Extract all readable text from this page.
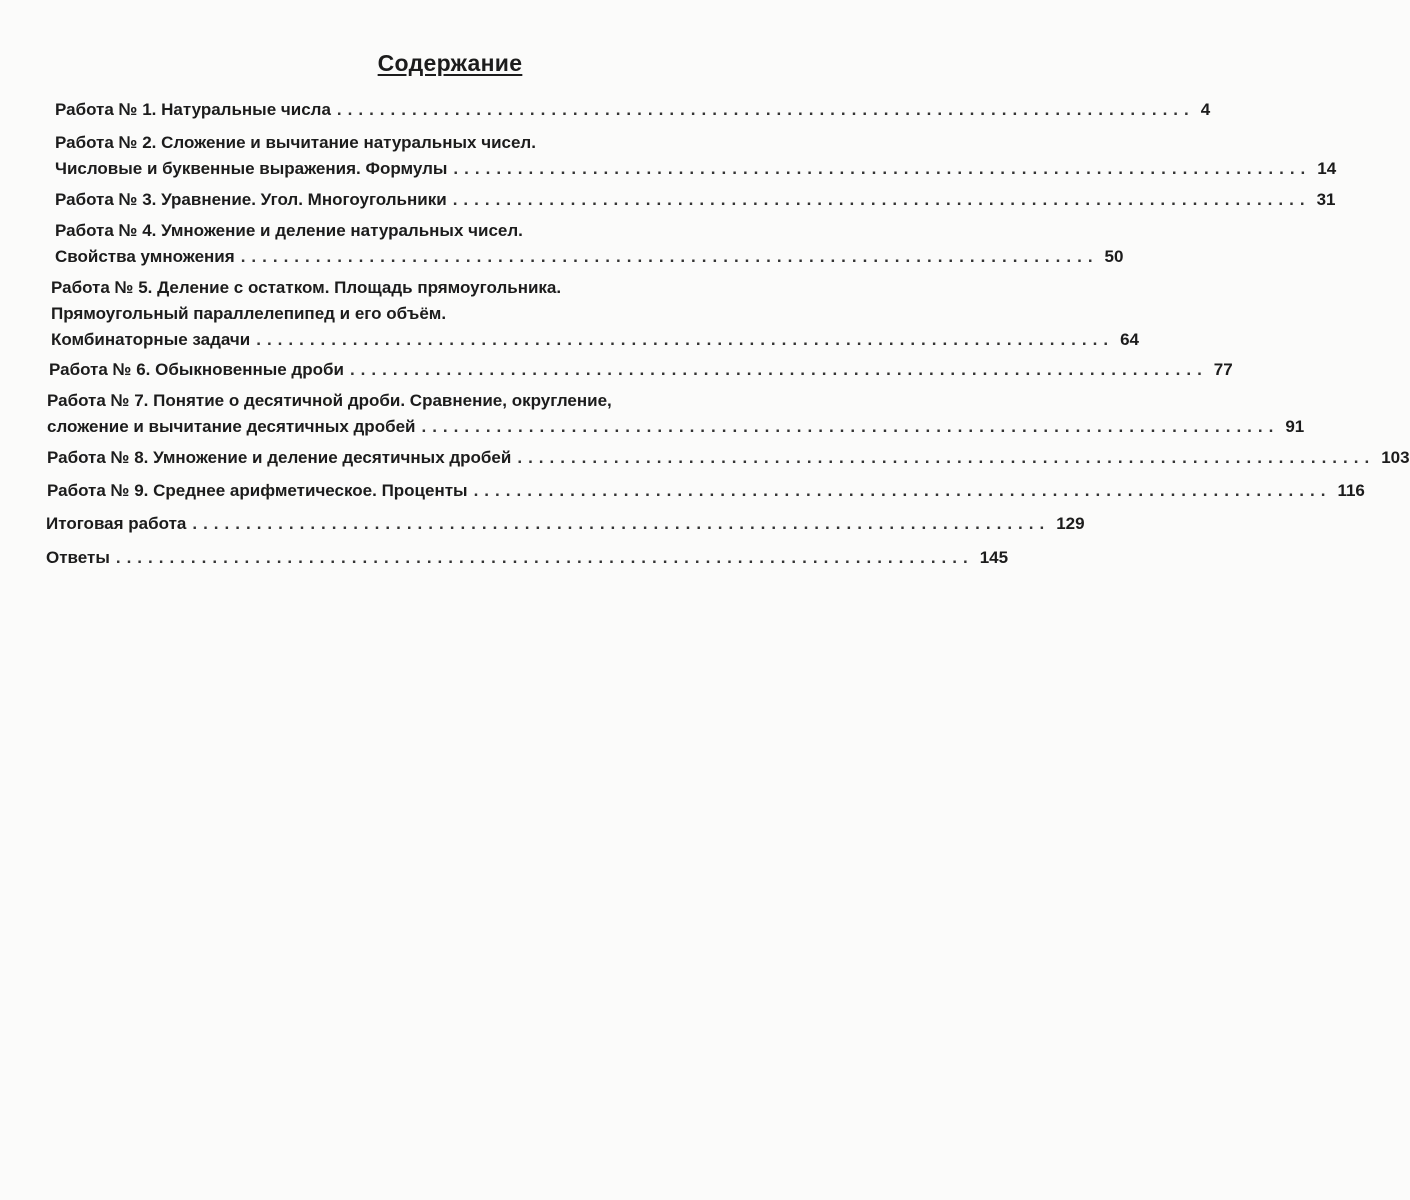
Содержание
Работа № 1. Натуральные числа ................................................................................ 4
Работа № 2. Сложение и вычитание натуральных чисел.
Числовые и буквенные выражения. Формулы ................................................................................ 14
Работа № 3. Уравнение. Угол. Многоугольники ................................................................................ 31
Работа № 4. Умножение и деление натуральных чисел.
Свойства умножения ................................................................................ 50
Работа № 5. Деление с остатком. Площадь прямоугольника.
Прямоугольный параллелепипед и его объём.
Комбинаторные задачи ................................................................................ 64
Работа № 6. Обыкновенные дроби ................................................................................ 77
Работа № 7. Понятие о десятичной дроби. Сравнение, округление,
сложение и вычитание десятичных дробей ................................................................................ 91
Работа № 8. Умножение и деление десятичных дробей ................................................................................ 103
Работа № 9. Среднее арифметическое. Проценты ................................................................................ 116
Итоговая работа ................................................................................ 129
Ответы ................................................................................ 145
